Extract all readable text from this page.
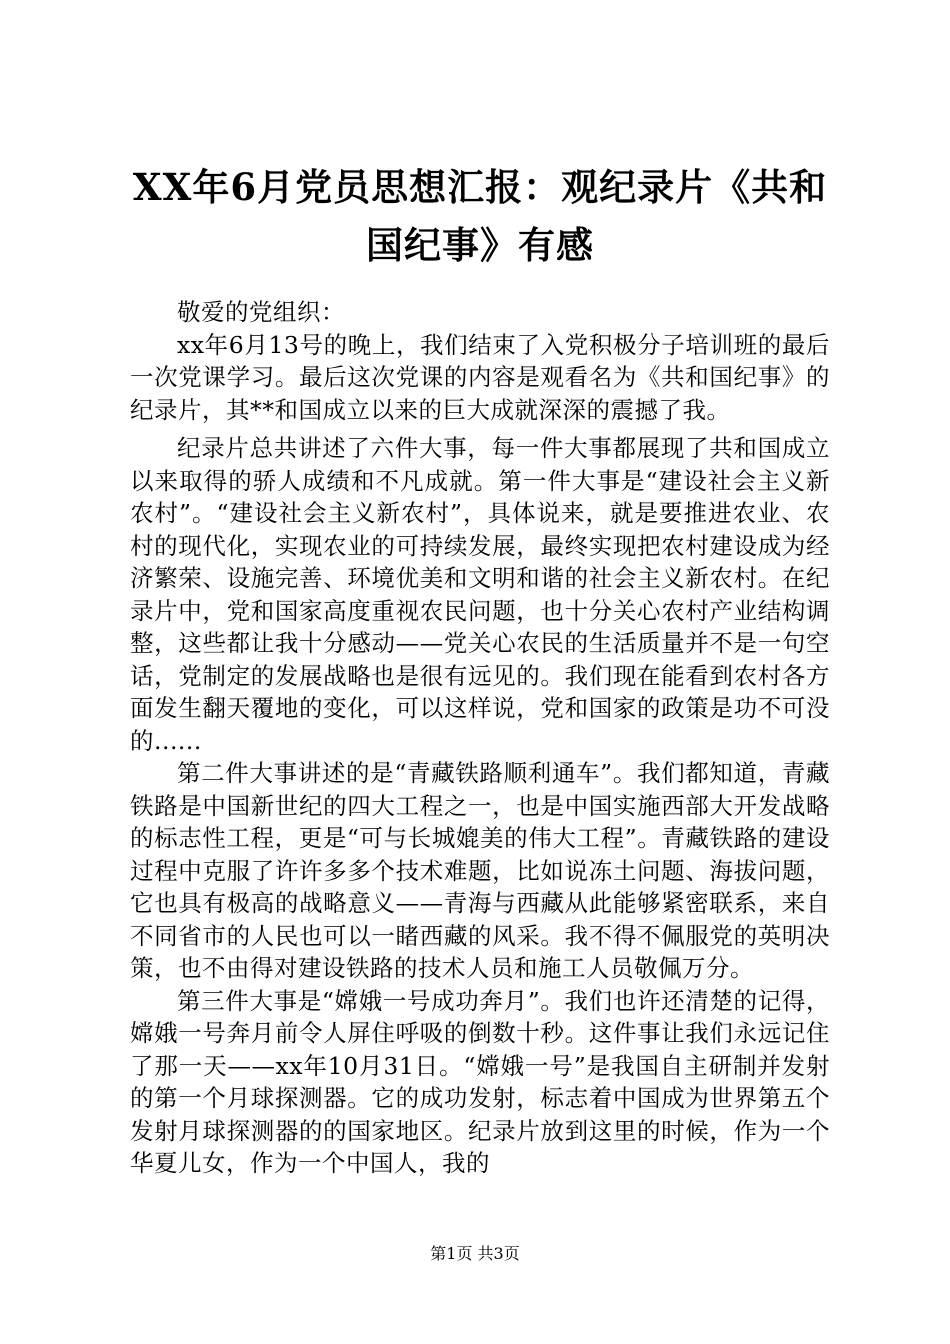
XX年6月党员思想汇报：观纪录片《共和国纪事》有感

敬爱的党组织：

xx年6月13号的晚上，我们结束了入党积极分子培训班的最后一次党课学习。最后这次党课的内容是观看名为《共和国纪事》的纪录片，其**和国成立以来的巨大成就深深的震撼了我。

纪录片总共讲述了六件大事，每一件大事都展现了共和国成立以来取得的骄人成绩和不凡成就。第一件大事是“建设社会主义新农村”。“建设社会主义新农村”，具体说来，就是要推进农业、农村的现代化，实现农业的可持续发展，最终实现把农村建设成为经济繁荣、设施完善、环境优美和文明和谐的社会主义新农村。在纪录片中，党和国家高度重视农民问题，也十分关心农村产业结构调整，这些都让我十分感动——党关心农民的生活质量并不是一句空话，党制定的发展战略也是很有远见的。我们现在能看到农村各方面发生翻天覆地的变化，可以这样说，党和国家的政策是功不可没的......

第二件大事讲述的是“青藏铁路顺利通车”。我们都知道，青藏铁路是中国新世纪的四大工程之一，也是中国实施西部大开发战略的标志性工程，更是“可与长城媲美的伟大工程”。青藏铁路的建设过程中克服了许许多多个技术难题，比如说冻土问题、海拔问题，它也具有极高的战略意义——青海与西藏从此能够紧密联系，来自不同省市的人民也可以一睹西藏的风采。我不得不佩服党的英明决策，也不由得对建设铁路的技术人员和施工人员敬佩万分。

第三件大事是“嫦娥一号成功奔月”。我们也许还清楚的记得，嫦娥一号奔月前令人屏住呼吸的倒数十秒。这件事让我们永远记住了那一天——xx年10月31日。“嫦娥一号”是我国自主研制并发射的第一个月球探测器。它的成功发射，标志着中国成为世界第五个发射月球探测器的的国家地区。纪录片放到这里的时候，作为一个华夏儿女，作为一个中国人，我的

第1页 共3页
